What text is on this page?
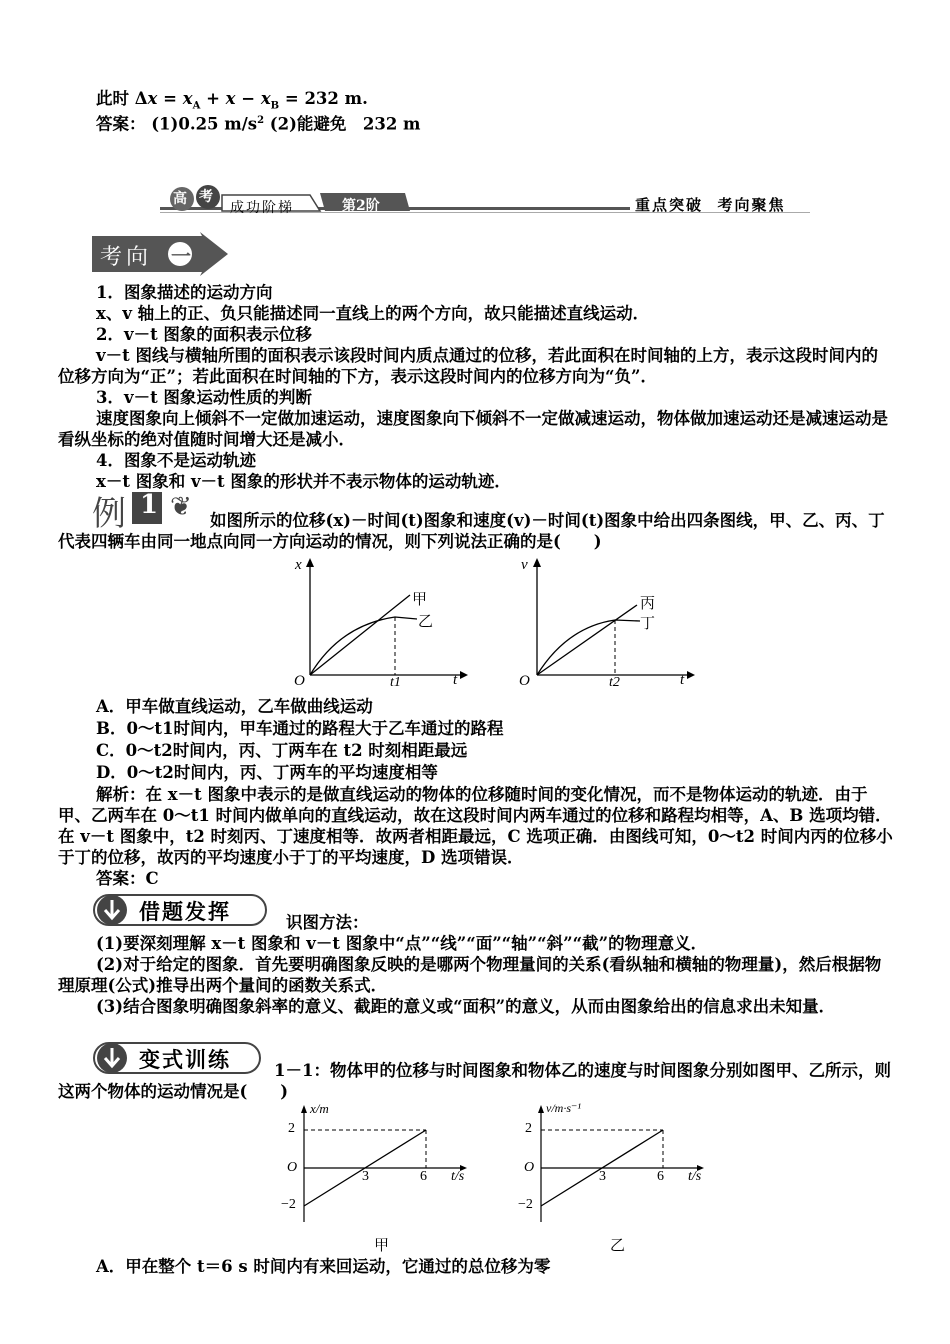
此时 $\Delta x = x_A + x - x_B = 232$ m.
答案： (1)0.25 $m/s^2$ (2)能避免　232 m
高 考
成功阶梯	第2阶	重点突破  考向聚焦
考向 一
1．图象描述的运动方向
x、v 轴上的正、负只能描述同一直线上的两个方向，故只能描述直线运动．
2．v－t 图象的面积表示位移
v－t 图线与横轴所围的面积表示该段时间内质点通过的位移，若此面积在时间轴的上方，表示这段时间内的位移方向为“正”；若此面积在时间轴的下方，表示这段时间内的位移方向为“负”．
3．v－t 图象运动性质的判断
速度图象向上倾斜不一定做加速运动，速度图象向下倾斜不一定做减速运动，物体做加速运动还是减速运动是看纵坐标的绝对值随时间增大还是减小．
4．图象不是运动轨迹
x－t 图象和 v－t 图象的形状并不表示物体的运动轨迹．
例 1 ❦	如图所示的位移(x)－时间(t)图象和速度(v)－时间(t)图象中给出四条图线，甲、乙、丙、丁代表四辆车由同一地点向同一方向运动的情况，则下列说法正确的是(　　)
x
t
O	t1
甲
乙
v
t
O	t2
丙
丁
A．甲车做直线运动，乙车做曲线运动
B．0～t1时间内，甲车通过的路程大于乙车通过的路程
C．0～t2时间内，丙、丁两车在 t2 时刻相距最远
D．0～t2时间内，丙、丁两车的平均速度相等
解析：在 x－t 图象中表示的是做直线运动的物体的位移随时间的变化情况，而不是物体运动的轨迹．由于甲、乙两车在 0～t1 时间内做单向的直线运动，故在这段时间内两车通过的位移和路程均相等，A、B 选项均错．在 v－t 图象中，t2 时刻丙、丁速度相等．故两者相距最远，C 选项正确．由图线可知，0～t2 时间内丙的位移小于丁的位移，故丙的平均速度小于丁的平均速度，D 选项错误．
答案：C
借题发挥	识图方法：
(1)要深刻理解 x－t 图象和 v－t 图象中“点”“线”“面”“轴”“斜”“截”的物理意义．
(2)对于给定的图象．首先要明确图象反映的是哪两个物理量间的关系(看纵轴和横轴的物理量)，然后根据物理原理(公式)推导出两个量间的函数关系式．
(3)结合图象明确图象斜率的意义、截距的意义或“面积”的意义，从而由图象给出的信息求出未知量．
变式训练	1－1：物体甲的位移与时间图象和物体乙的速度与时间图象分别如图甲、乙所示，则这两个物体的运动情况是(　　)
x/m
2
O
−2
3	6 t/s
甲
v/m·s⁻¹
2
O
−2
3	6 t/s
乙
A．甲在整个 t＝6 s 时间内有来回运动，它通过的总位移为零
